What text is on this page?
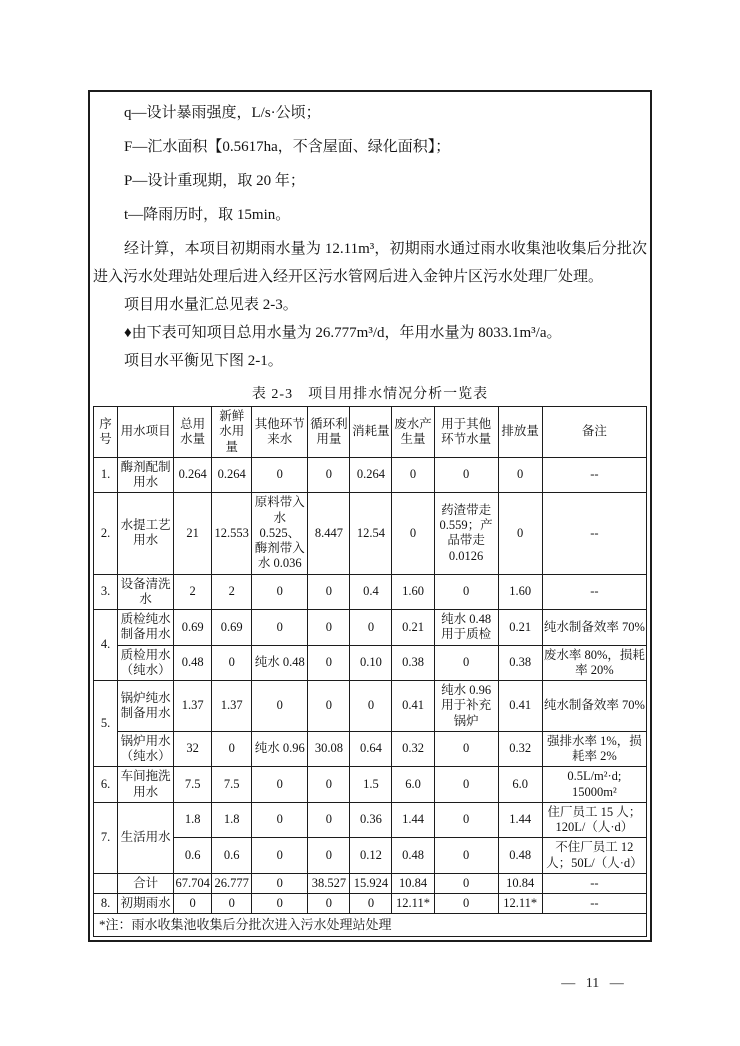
q—设计暴雨强度，L/s·公顷；

F—汇水面积【0.5617ha，不含屋面、绿化面积】；

P—设计重现期，取 20 年；

t—降雨历时，取 15min。

经计算，本项目初期雨水量为 12.11m³，初期雨水通过雨水收集池收集后分批次进入污水处理站处理后进入经开区污水管网后进入金钟片区污水处理厂处理。

项目用水量汇总见表 2-3。

♦由下表可知项目总用水量为 26.777m³/d，年用水量为 8033.1m³/a。

项目水平衡见下图 2-1。

表 2-3　项目用排水情况分析一览表
序号	用水项目	总用水量	新鲜水用量	其他环节来水	循环利用量	消耗量	废水产生量	用于其他环节水量	排放量	备注
1.	酶剂配制用水	0.264	0.264	0	0	0.264	0	0	0	--
2.	水提工艺用水	21	12.553	原料带入水 0.525、酶剂带入水 0.036	8.447	12.54	0	药渣带走 0.559；产品带走 0.0126	0	--
3.	设备清洗水	2	2	0	0	0.4	1.60	0	1.60	--
4.	质检纯水制备用水	0.69	0.69	0	0	0	0.21	纯水 0.48 用于质检	0.21	纯水制备效率 70%
	质检用水（纯水）	0.48	0	纯水 0.48	0	0.10	0.38	0	0.38	废水率 80%，损耗率 20%
5.	锅炉纯水制备用水	1.37	1.37	0	0	0	0.41	纯水 0.96 用于补充锅炉	0.41	纯水制备效率 70%
	锅炉用水（纯水）	32	0	纯水 0.96	30.08	0.64	0.32	0	0.32	强排水率 1%，损耗率 2%
6.	车间拖洗用水	7.5	7.5	0	0	1.5	6.0	0	6.0	0.5L/m²·d; 15000m²
7.	生活用水	1.8	1.8	0	0	0.36	1.44	0	1.44	住厂员工 15 人；120L/（人·d）
		0.6	0.6	0	0	0.12	0.48	0	0.48	不住厂员工 12 人；50L/（人·d）
	合计	67.704	26.777	0	38.527	15.924	10.84	0	10.84	--
8.	初期雨水	0	0	0	0	0	12.11*	0	12.11*	--
*注：雨水收集池收集后分批次进入污水处理站处理										
— 11 —
